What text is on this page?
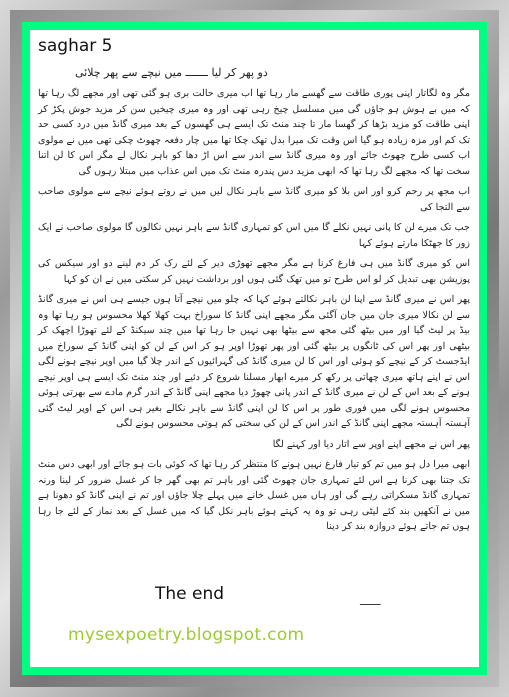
saghar 5
دو پھر کر لیا ـــــــ میں نیچے سے پھر چلائی

مگر وہ لگاتار اپنی پوری طاقت سے گھسے مار رہا تھا اب میری حالت بری ہو گئی تھی اور مجھے لگ رہا تھا کہ میں بے ہوش ہو جاؤں گی میں مسلسل چیخ رہی تھی اور وہ میری چیخیں سن کر مزید جوش پکڑ کر اپنی طاقت کو مزید بڑھا کر گھسا مار تا چند منٹ تک ایسے ہی گھسوں کے بعد میری گانڈ میں درد کسی حد تک کم اور مزہ زیادہ ہو گیا اس وقت تک میرا بدل تھک چکا تھا میں چار دفعہ چھوٹ چکی تھی میں نے مولوی اب کسی طرح چھوٹ جائے اور وہ میری گانڈ سے اندر سے اس اڑ دھا کو باہر نکال لے مگر اس کا لن اتنا سخت تھا کہ مجھے لگ رہا تھا کہ ابھی مزید دس پندرہ منٹ تک میں اس عذاب میں مبتلا رہوں گی

اب مجھ پر رحم کرو اور اس بلا کو میری گانڈ سے باہر نکال لیں میں نے روتے ہوئے نیچے سے مولوی صاحب سے التجا کی

جب تک میرے لن کا پانی نہیں نکلے گا میں اس کو تمہاری گانڈ سے باہر نہیں نکالوں گا مولوی صاحب نے ایک زور کا جھٹکا مارتے ہوئے کہا

اس کو میری گانڈ میں ہی فارغ کرنا ہے مگر مجھے تھوڑی دیر کے لئے رک کر دم لینے دو اور سیکس کی پوزیشن بھی تبدیل کر لو اس طرح تو میں تھک گئی ہوں اور برداشت نہیں کر سکتی میں نے ان کو کہا

پھر اس نے میری گانڈ سے اپنا لن باہر نکالتے ہوئے کہا کہ چلو میں نیچے آتا ہوں جیسے ہی اس نے میری گانڈ سے لن نکالا میری جان میں جان آگئی مگر مجھے اپنی گانڈ کا سوراخ بہت کھلا کھلا محسوس ہو رہا تھا وہ بیڈ پر لیٹ گیا اور میں بیٹھ گئی مجھ سے بیٹھا بھی نہیں جا رہا تھا میں چند سیکنڈ کے لئے تھوڑا اچھک کر بیٹھی اور پھر اس کی ٹانگوں پر بیٹھ گئی اور پھر تھوڑا اوپر ہو کر اس کے لن کو اپنی گانڈ کے سوراخ میں ایڈجسٹ کر کے نیچے کو ہوئی اور اس کا لن میری گانڈ کی گہرائیوں کے اندر چلا گیا میں اوپر نیچے ہونے لگی اس نے اپنے ہاتھ میری چھاتی پر رکھ کر میرے ابھار مسلنا شروع کر دئیے اور چند منٹ تک ایسے ہی اوپر نیچے ہونے کے بعد اس کے لن نے میری گانڈ کے اندر پانی چھوڑ دیا مجھے اپنی گانڈ کے اندر گرم مادے سے بھرتی ہوئی محسوس ہونے لگی میں فوری طور پر اس کا لن اپنی گانڈ سے باہر نکالے بغیر ہی اس کے اوپر لیٹ گئی آہستہ آہستہ مجھے اپنی گانڈ کے اندر اس کے لن کی سختی کم ہوتی محسوس ہونے لگی

پھر اس نے مجھے اپنے اوپر سے اتار دیا اور کہنے لگا

ابھی میرا دل ہو میں تم کو تیار فارغ نہیں ہونے کا منتظر کر رہا تھا کہ کوئی بات ہو جائے اور ابھی دس منٹ تک جتنا بھی کرنا ہے اس لئے تمہاری جان چھوٹ گئی اور باہر تم بھی گھر جا کر غسل ضرور کر لینا ورنہ تمہاری گانڈ مسکراتی رہے گی اور ہاں میں غسل خانے میں پہلے چلا جاؤں اور تم نے اپنی گانڈ کو دھونا ہے میں نے آنکھیں بند کئے لیٹی رہی تو وہ یہ کہتے ہوئے باہر نکل گیا کہ میں غسل کے بعد نماز کے لئے جا رہا ہوں تم جاتے ہوئے دروازہ بند کر دینا

The end	ـــــــ
mysexpoetry.blogspot.com
